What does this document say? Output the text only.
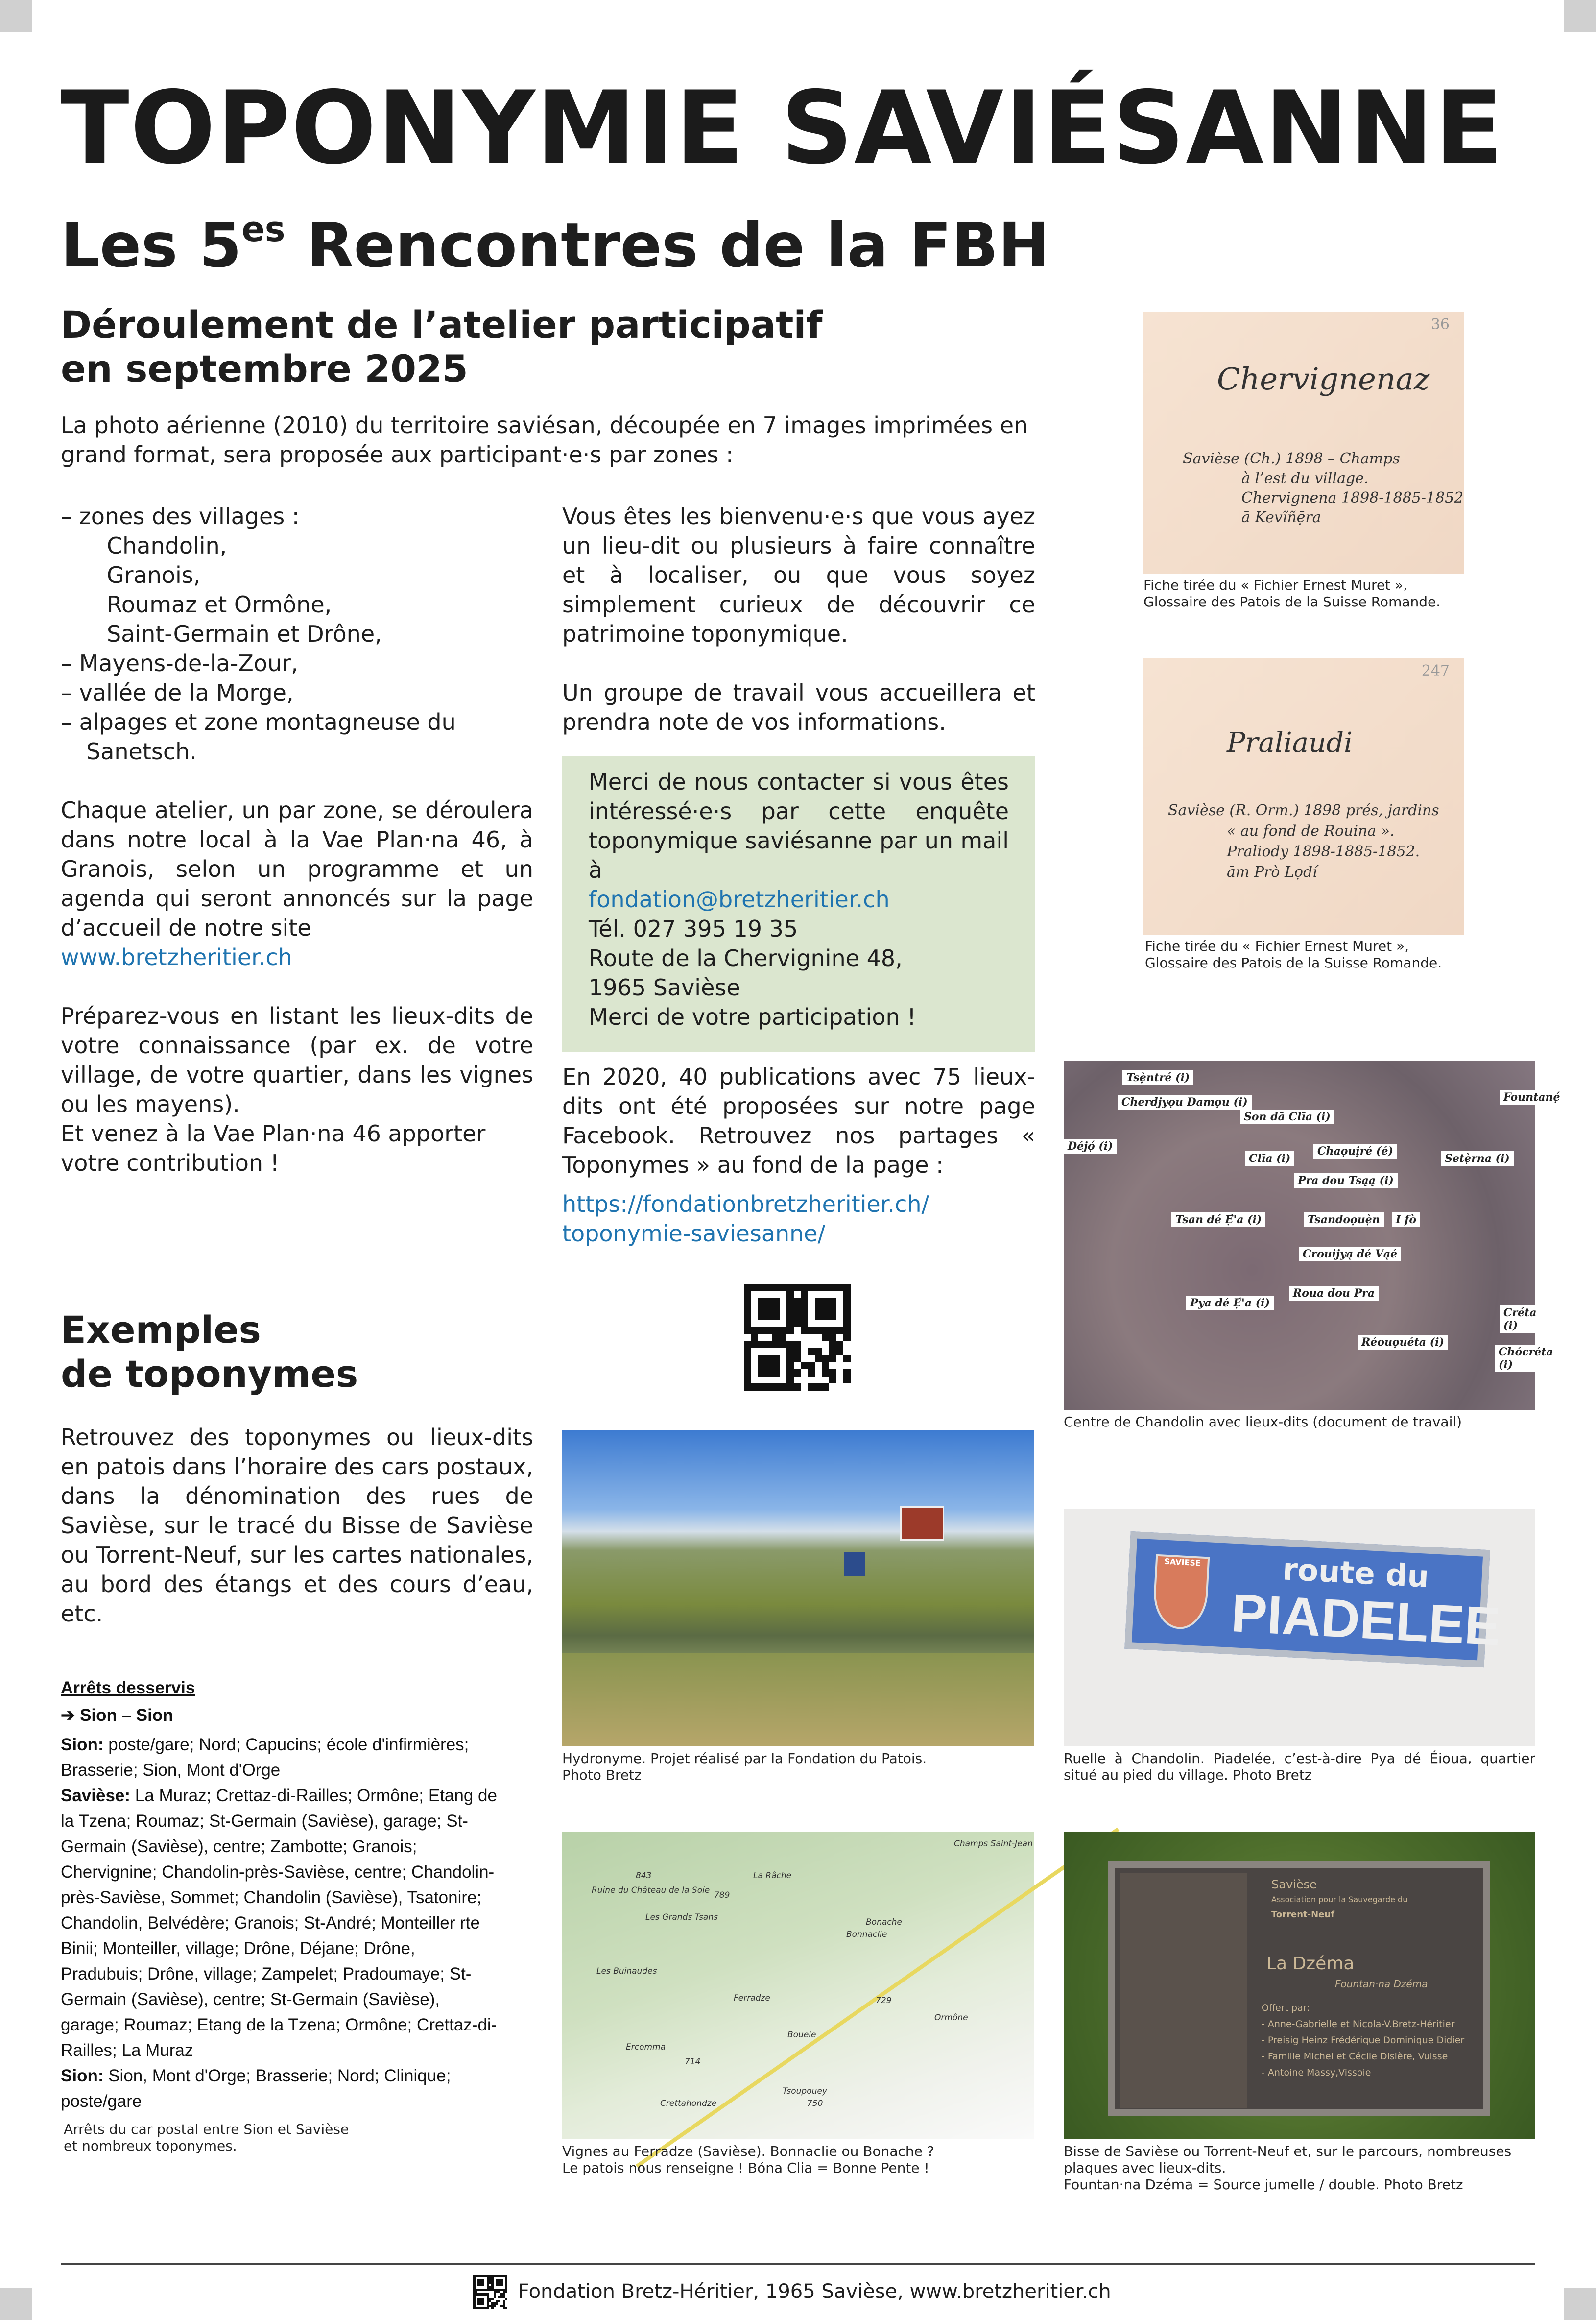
TOPONYMIE SAVIÉSANNE
Les $5^{es}$ Rencontres de la FBH
Déroulement de l’atelier participatif
en septembre 2025

La photo aérienne (2010) du territoire saviésan, découpée en 7 images imprimées en grand format, sera proposée aux participant·e·s par zones :

– zones des villages :
Chandolin,
Granois,
Roumaz et Ormône,
Saint-Germain et Drône,
– Mayens-de-la-Zour,
– vallée de la Morge,
– alpages et zone montagneuse du Sanetsch.

Chaque atelier, un par zone, se déroulera dans notre local à la Vae Plan·na 46, à Granois, selon un programme et un agenda qui seront annoncés sur la page d’accueil de notre site
www.bretzheritier.ch

Préparez-vous en listant les lieux-dits de votre connaissance (par ex. de votre village, de votre quartier, dans les vignes ou les mayens).

Et venez à la Vae Plan·na 46 apporter votre contribution !

Vous êtes les bienvenu·e·s que vous ayez un lieu-dit ou plusieurs à faire connaître et à localiser, ou que vous soyez simplement curieux de découvrir ce patrimoine toponymique.

Un groupe de travail vous accueillera et prendra note de vos informations.

Merci de nous contacter si vous êtes intéressé·e·s par cette enquête toponymique saviésanne par un mail à

fondation@bretzheritier.ch

Tél. 027 395 19 35

Route de la Chervignine 48,

1965 Savièse

Merci de votre participation !

En 2020, 40 publications avec 75 lieux-dits ont été proposées sur notre page Facebook. Retrouvez nos partages « Toponymes » au fond de la page :

https://fondationbretzheritier.ch/
toponymie-saviesanne/

Exemples
de toponymes

Retrouvez des toponymes ou lieux-dits en patois dans l’horaire des cars postaux, dans la dénomination des rues de Savièse, sur le tracé du Bisse de Savièse ou Torrent-Neuf, sur les cartes nationales, au bord des étangs et des cours d’eau, etc.

Arrêts desservis
➔ Sion – Sion
Sion: poste/gare; Nord; Capucins; école d'infirmières; Brasserie; Sion, Mont d'Orge
Savièse: La Muraz; Crettaz-di-Railles; Ormône; Etang de la Tzena; Roumaz; St-Germain (Savièse), garage; St-Germain (Savièse), centre; Zambotte; Granois; Chervignine; Chandolin-près-Savièse, centre; Chandolin-près-Savièse, Sommet; Chandolin (Savièse), Tsatonire; Chandolin, Belvédère; Granois; St-André; Monteiller rte Binii; Monteiller, village; Drône, Déjane; Drône, Pradubuis; Drône, village; Zampelet; Pradoumaye; St-Germain (Savièse), centre; St-Germain (Savièse), garage; Roumaz; Etang de la Tzena; Ormône; Crettaz-di-Railles; La Muraz
Sion: Sion, Mont d'Orge; Brasserie; Nord; Clinique; poste/gare
Arrêts du car postal entre Sion et Savièse
et nombreux toponymes.
36
Chervignenaz
Savièse (Ch.) 1898 – Champs
à l’est du village.
Chervignena 1898-1885-1852
ā Kevĩñẹ̄ra
Fiche tirée du « Fichier Ernest Muret »,
Glossaire des Patois de la Suisse Romande.
247
Praliaudi
Savièse (R. Orm.) 1898 prés, jardins
« au fond de Rouina ».
Praliody 1898-1885-1852.
ām Prò Lọdí
Fiche tirée du « Fichier Ernest Muret »,
Glossaire des Patois de la Suisse Romande.
Tsẹ̀ntré (i)
Cherdjyọu Damọu (i)
Son dā Clīa (i)
Déjọ́ (i)
Clīa (i)
Chaọuịré (é)
Setẹ̀rna (i)
Fountanẹ́
Pra dou Tsąą (i)
Tsan dé Ẹ́'a (i)	Tsandoọuẹ̀n	I fò
Crouijyą dé Vąé
Roua dou Pra
Pya dé Ẹ́'a (i)
Réouọuéta (i)
Créta (i)
Chócréta (i)
Centre de Chandolin avec lieux-dits (document de travail)
SAVIESE	route du
PIADELEE
Ruelle à Chandolin. Piadelée, c’est-à-dire Pya dé Éioua, quartier situé au pied du village. Photo Bretz
Hydronyme. Projet réalisé par la Fondation du Patois.
Photo Bretz
Champs Saint-Jean
La Râche
Ruine du Château de la Soie 789
843
Les Grands Tsans	Bonache
Bonnaclie
Les Buinaudes
Ferradze	729
Ormône
Bouele
Ercomma
714
Tsoupouey
Crettahondze	750
Vignes au Ferradze (Savièse). Bonnaclie ou Bonache ?
Le patois nous renseigne ! Bóna Clia = Bonne Pente !
Savièse
Association pour la Sauvegarde du
Torrent-Neuf
La Dzéma
Fountan·na Dzéma
Offert par:
- Anne-Gabrielle et Nicola-V.Bretz-Héritier
- Preisig Heinz Frédérique Dominique Didier
- Famille Michel et Cécile Dislère, Vuisse
- Antoine Massy,Vissoie
Bisse de Savièse ou Torrent-Neuf et, sur le parcours, nombreuses
plaques avec lieux-dits.
Fountan·na Dzéma = Source jumelle / double. Photo Bretz
Fondation Bretz-Héritier, 1965 Savièse, www.bretzheritier.ch
